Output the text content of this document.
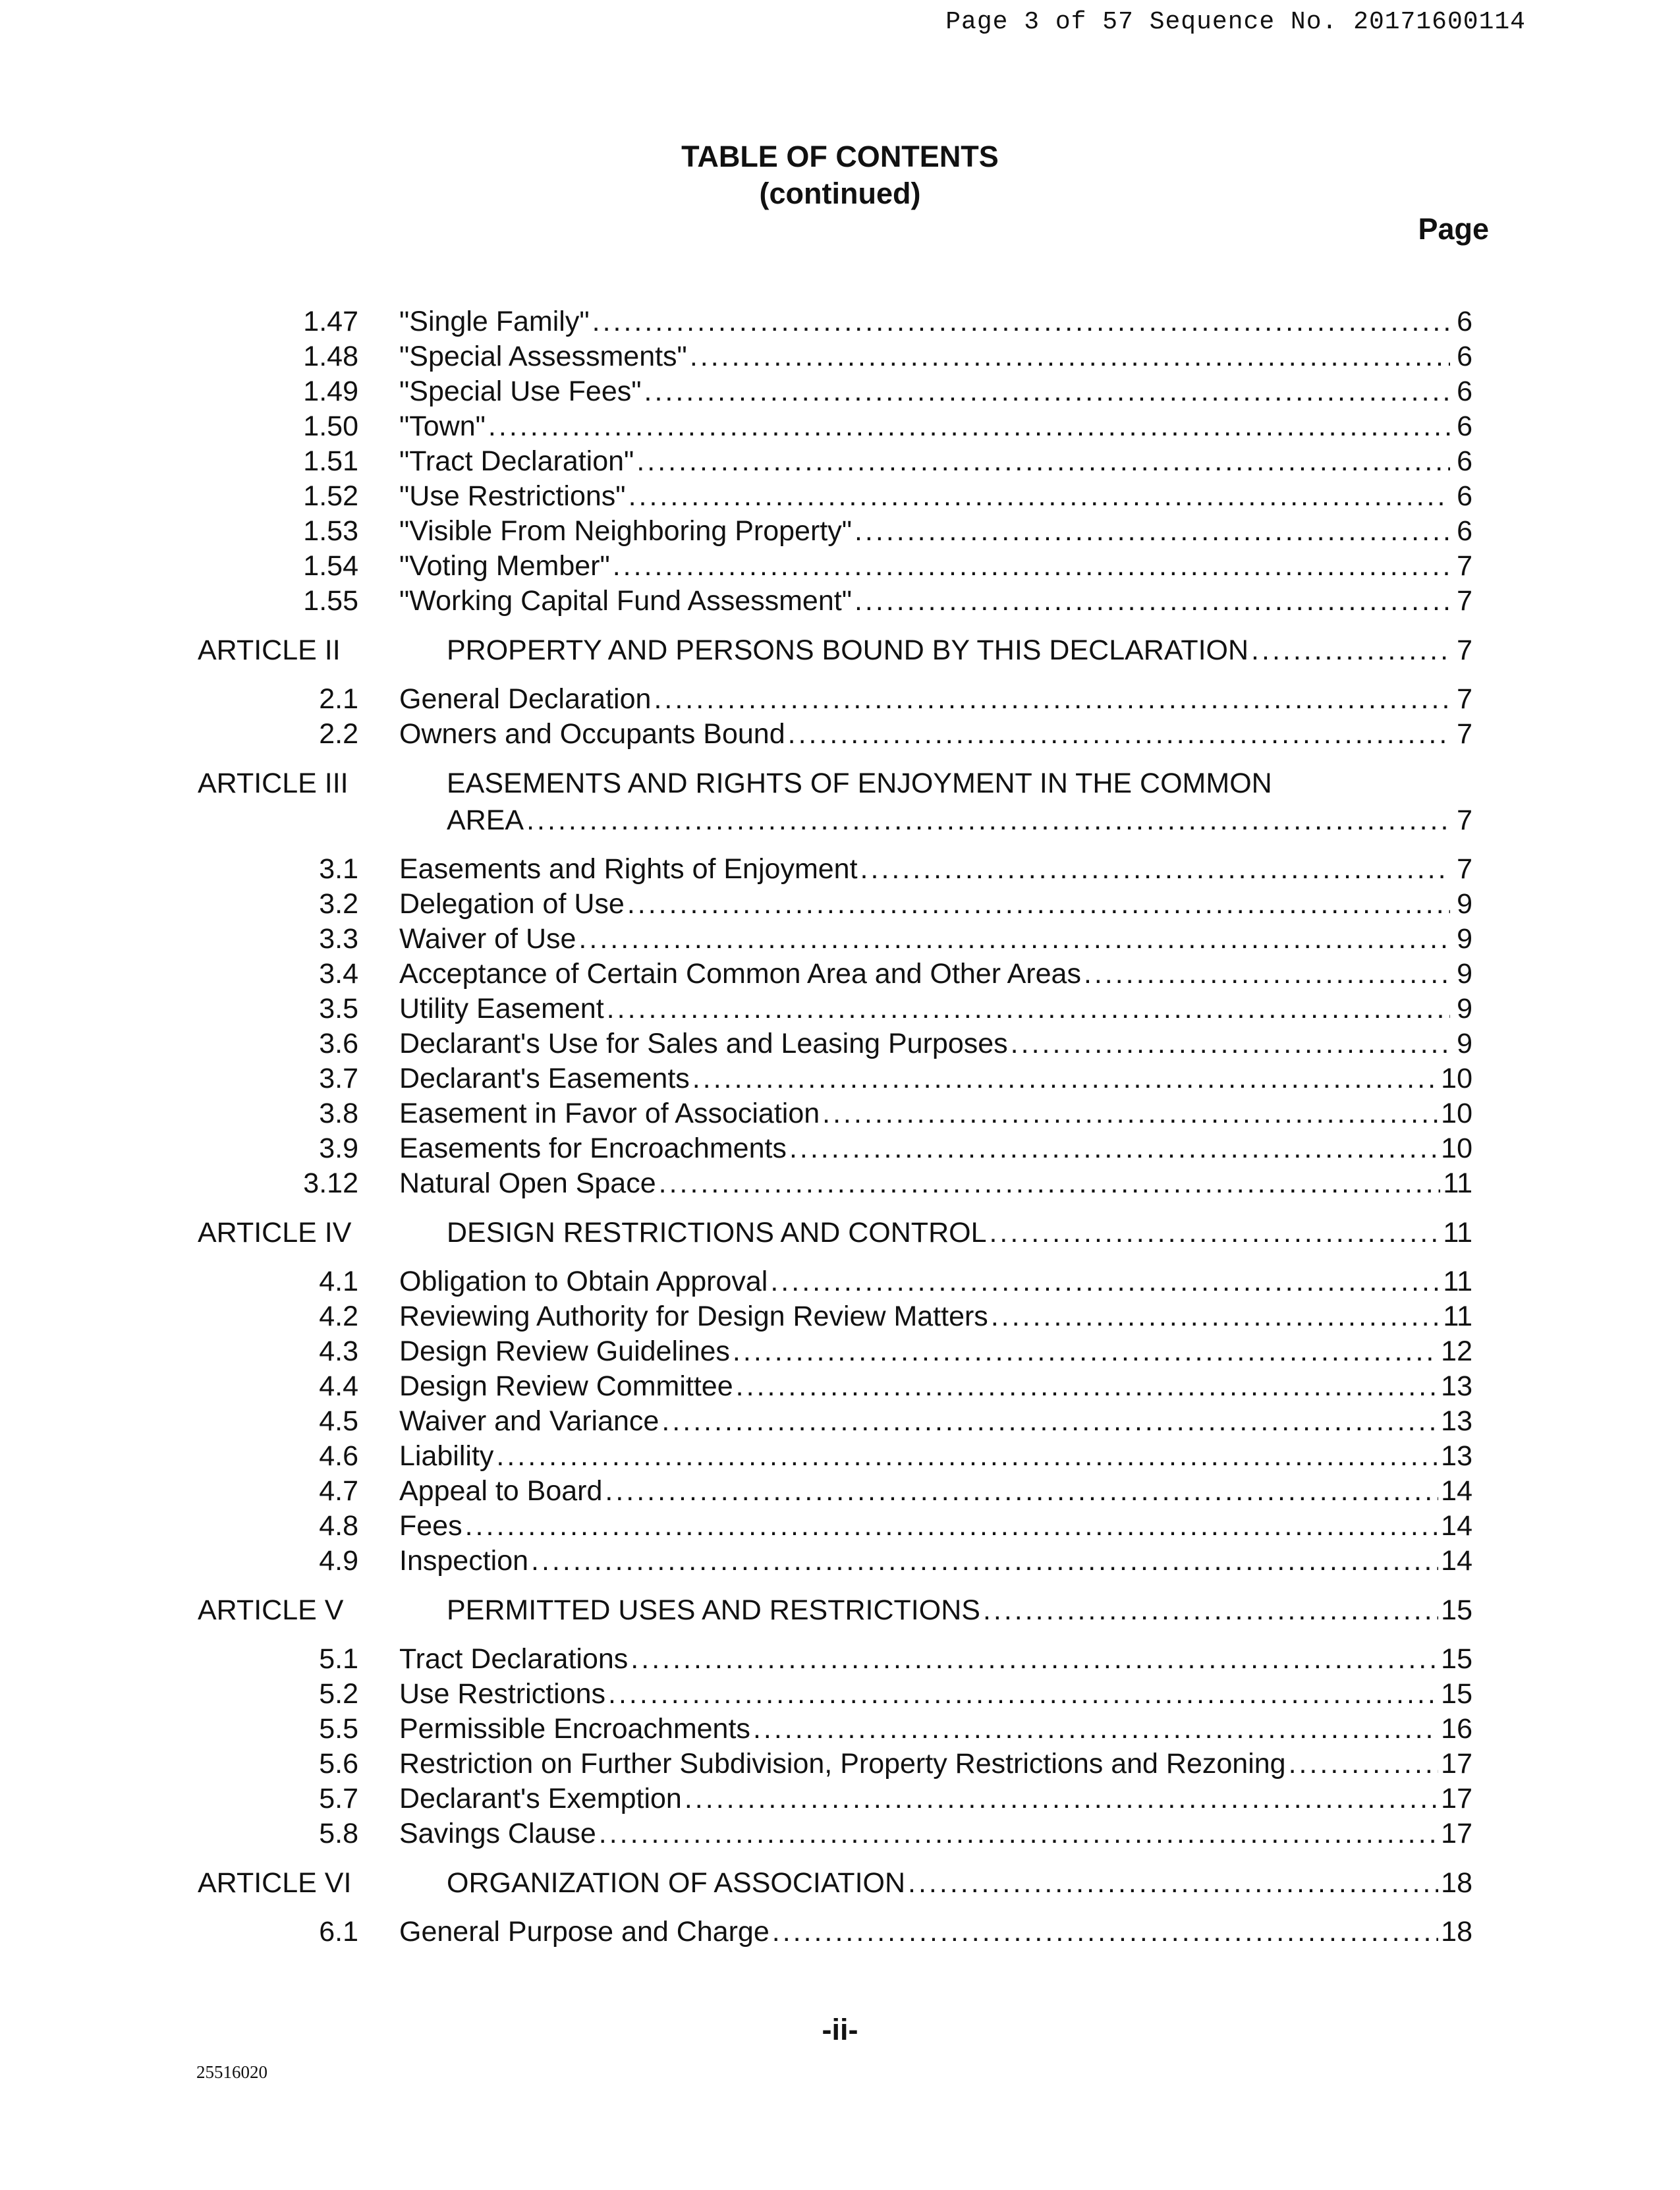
Page 3 of 57 Sequence No. 20171600114
TABLE OF CONTENTS
(continued)
Page
1.47	"Single Family" .....	6
1.48	"Special Assessments" .....	6
1.49	"Special Use Fees" .....	6
1.50	"Town" .....	6
1.51	"Tract Declaration" .....	6
1.52	"Use Restrictions" .....	6
1.53	"Visible From Neighboring Property" .....	6
1.54	"Voting Member" .....	7
1.55	"Working Capital Fund Assessment" .....	7
ARTICLE II	PROPERTY AND PERSONS BOUND BY THIS DECLARATION .....	7
2.1	General Declaration .....	7
2.2	Owners and Occupants Bound .....	7
ARTICLE III	EASEMENTS AND RIGHTS OF ENJOYMENT IN THE COMMON
AREA .....	7
3.1	Easements and Rights of Enjoyment .....	7
3.2	Delegation of Use .....	9
3.3	Waiver of Use .....	9
3.4	Acceptance of Certain Common Area and Other Areas .....	9
3.5	Utility Easement .....	9
3.6	Declarant's Use for Sales and Leasing Purposes .....	9
3.7	Declarant's Easements .....	10
3.8	Easement in Favor of Association .....	10
3.9	Easements for Encroachments .....	10
3.12	Natural Open Space .....	11
ARTICLE IV	DESIGN RESTRICTIONS AND CONTROL .....	11
4.1	Obligation to Obtain Approval .....	11
4.2	Reviewing Authority for Design Review Matters .....	11
4.3	Design Review Guidelines .....	12
4.4	Design Review Committee .....	13
4.5	Waiver and Variance .....	13
4.6	Liability .....	13
4.7	Appeal to Board .....	14
4.8	Fees .....	14
4.9	Inspection .....	14
ARTICLE V	PERMITTED USES AND RESTRICTIONS .....	15
5.1	Tract Declarations .....	15
5.2	Use Restrictions .....	15
5.5	Permissible Encroachments .....	16
5.6	Restriction on Further Subdivision, Property Restrictions and Rezoning .....	17
5.7	Declarant's Exemption .....	17
5.8	Savings Clause .....	17
ARTICLE VI	ORGANIZATION OF ASSOCIATION .....	18
6.1	General Purpose and Charge .....	18
-ii-
25516020
